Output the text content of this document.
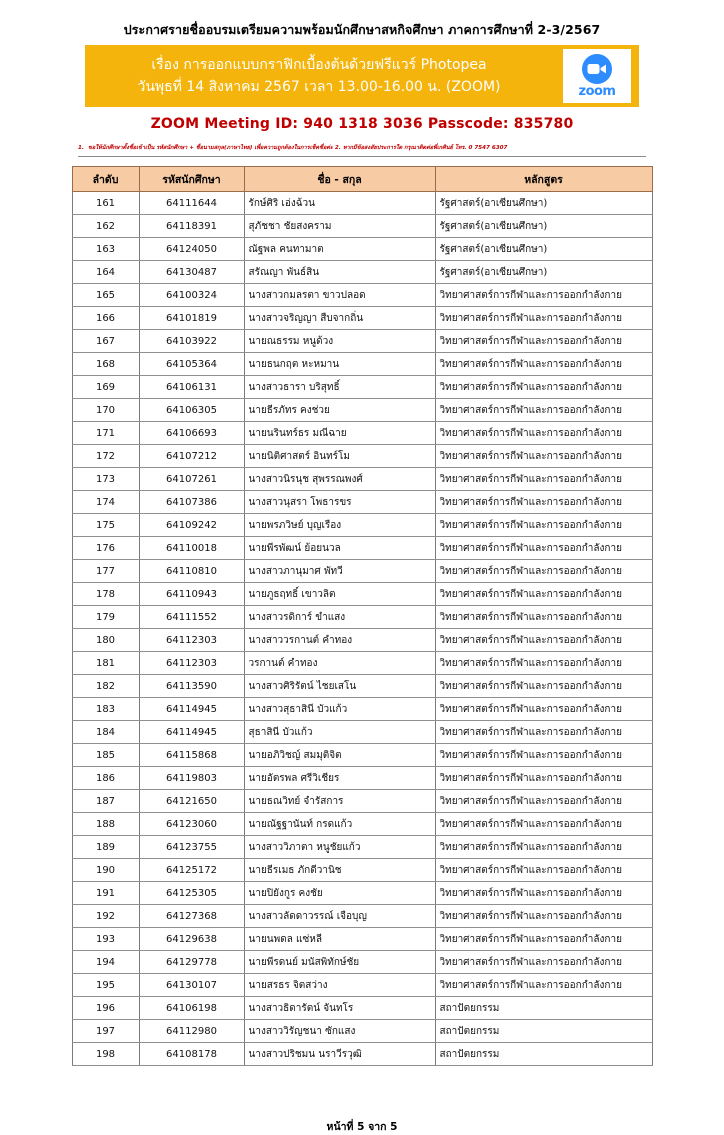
ประกาศรายชื่ออบรมเตรียมความพร้อมนักศึกษาสหกิจศึกษา ภาคการศึกษาที่ 2-3/2567
เรื่อง การออกแบบกราฟิกเบื้องต้นด้วยฟรีแวร์ Photopea
วันพุธที่ 14 สิงหาคม 2567 เวลา 13.00-16.00 น. (ZOOM)	zoom
ZOOM Meeting ID: 940 1318 3036 Passcode: 835780
1. ขอให้นักศึกษาตั้งชื่อเข้าเป็น รหัสนักศึกษา + ชื่อนามสกุล(ภาษาไทย) เพื่อความถูกต้องในการเช็คชื่อต่ะ 2. หากมีข้อสงสัยประการใด กรุณาติดต่อพี่เกศินย์ โทร. 0 7547 6307
ลำดับ	รหัสนักศึกษา	ชื่อ - สกุล	หลักสูตร
161	64111644	รักษ์ศิริ เอ่งฉ้วน	รัฐศาสตร์(อาเซียนศึกษา)
162	64118391	สุภัชชา ชัยสงคราม	รัฐศาสตร์(อาเซียนศึกษา)
163	64124050	ณัฐพล คนทามาต	รัฐศาสตร์(อาเซียนศึกษา)
164	64130487	สรัณญา พันธ์สิน	รัฐศาสตร์(อาเซียนศึกษา)
165	64100324	นางสาวกมลรตา ขาวปลอด	วิทยาศาสตร์การกีฬาและการออกกำลังกาย
166	64101819	นางสาวจริญญา สืบจากถิ่น	วิทยาศาสตร์การกีฬาและการออกกำลังกาย
167	64103922	นายณธรรม หนูด้วง	วิทยาศาสตร์การกีฬาและการออกกำลังกาย
168	64105364	นายธนกฤต หะหมาน	วิทยาศาสตร์การกีฬาและการออกกำลังกาย
169	64106131	นางสาวธารา บริสุทธิ์	วิทยาศาสตร์การกีฬาและการออกกำลังกาย
170	64106305	นายธีรภัทร คงช่วย	วิทยาศาสตร์การกีฬาและการออกกำลังกาย
171	64106693	นายนรินทร์ธร มณีฉาย	วิทยาศาสตร์การกีฬาและการออกกำลังกาย
172	64107212	นายนิติศาสตร์ อินทร์โม	วิทยาศาสตร์การกีฬาและการออกกำลังกาย
173	64107261	นางสาวนิรนุช สุพรรณพงศ์	วิทยาศาสตร์การกีฬาและการออกกำลังกาย
174	64107386	นางสาวนุสรา โพธารขร	วิทยาศาสตร์การกีฬาและการออกกำลังกาย
175	64109242	นายพรภวิษย์ บุญเรือง	วิทยาศาสตร์การกีฬาและการออกกำลังกาย
176	64110018	นายพีรพัฒน์ ย้อยนวล	วิทยาศาสตร์การกีฬาและการออกกำลังกาย
177	64110810	นางสาวภานุมาศ พัทวี	วิทยาศาสตร์การกีฬาและการออกกำลังกาย
178	64110943	นายภูธฤทธิ์ เขาวลิต	วิทยาศาสตร์การกีฬาและการออกกำลังกาย
179	64111552	นางสาวรดิการ์ ขำแสง	วิทยาศาสตร์การกีฬาและการออกกำลังกาย
180	64112303	นางสาววรกานต์ คำทอง	วิทยาศาสตร์การกีฬาและการออกกำลังกาย
181	64112303	วรกานต์ คำทอง	วิทยาศาสตร์การกีฬาและการออกกำลังกาย
182	64113590	นางสาวศิริรัตน์ ไชยเสโน	วิทยาศาสตร์การกีฬาและการออกกำลังกาย
183	64114945	นางสาวสุธาสินี บัวแก้ว	วิทยาศาสตร์การกีฬาและการออกกำลังกาย
184	64114945	สุธาสินี บัวแก้ว	วิทยาศาสตร์การกีฬาและการออกกำลังกาย
185	64115868	นายอภิวิชญ์ สมมุติจิต	วิทยาศาสตร์การกีฬาและการออกกำลังกาย
186	64119803	นายอัตรพล ศรีวิเชียร	วิทยาศาสตร์การกีฬาและการออกกำลังกาย
187	64121650	นายธณวิทย์ จำรัสการ	วิทยาศาสตร์การกีฬาและการออกกำลังกาย
188	64123060	นายณัฐฐานันท์ กรดแก้ว	วิทยาศาสตร์การกีฬาและการออกกำลังกาย
189	64123755	นางสาววิภาตา หนูชัยแก้ว	วิทยาศาสตร์การกีฬาและการออกกำลังกาย
190	64125172	นายธีรเมธ ภักดีวานิช	วิทยาศาสตร์การกีฬาและการออกกำลังกาย
191	64125305	นายปิยังกูร คงชัย	วิทยาศาสตร์การกีฬาและการออกกำลังกาย
192	64127368	นางสาวลัดดาวรรณ์ เจือบุญ	วิทยาศาสตร์การกีฬาและการออกกำลังกาย
193	64129638	นายนพดล แซ่หลี	วิทยาศาสตร์การกีฬาและการออกกำลังกาย
194	64129778	นายพีรดนย์ มนัสพิทักษ์ชัย	วิทยาศาสตร์การกีฬาและการออกกำลังกาย
195	64130107	นายสรธร จิตสว่าง	วิทยาศาสตร์การกีฬาและการออกกำลังกาย
196	64106198	นางสาวธิดารัตน์ จันทโร	สถาปัตยกรรม
197	64112980	นางสาววิรัญชนา ซักแสง	สถาปัตยกรรม
198	64108178	นางสาวปริชมน นราวีรวุฒิ	สถาปัตยกรรม
หน้าที่ 5 จาก 5
